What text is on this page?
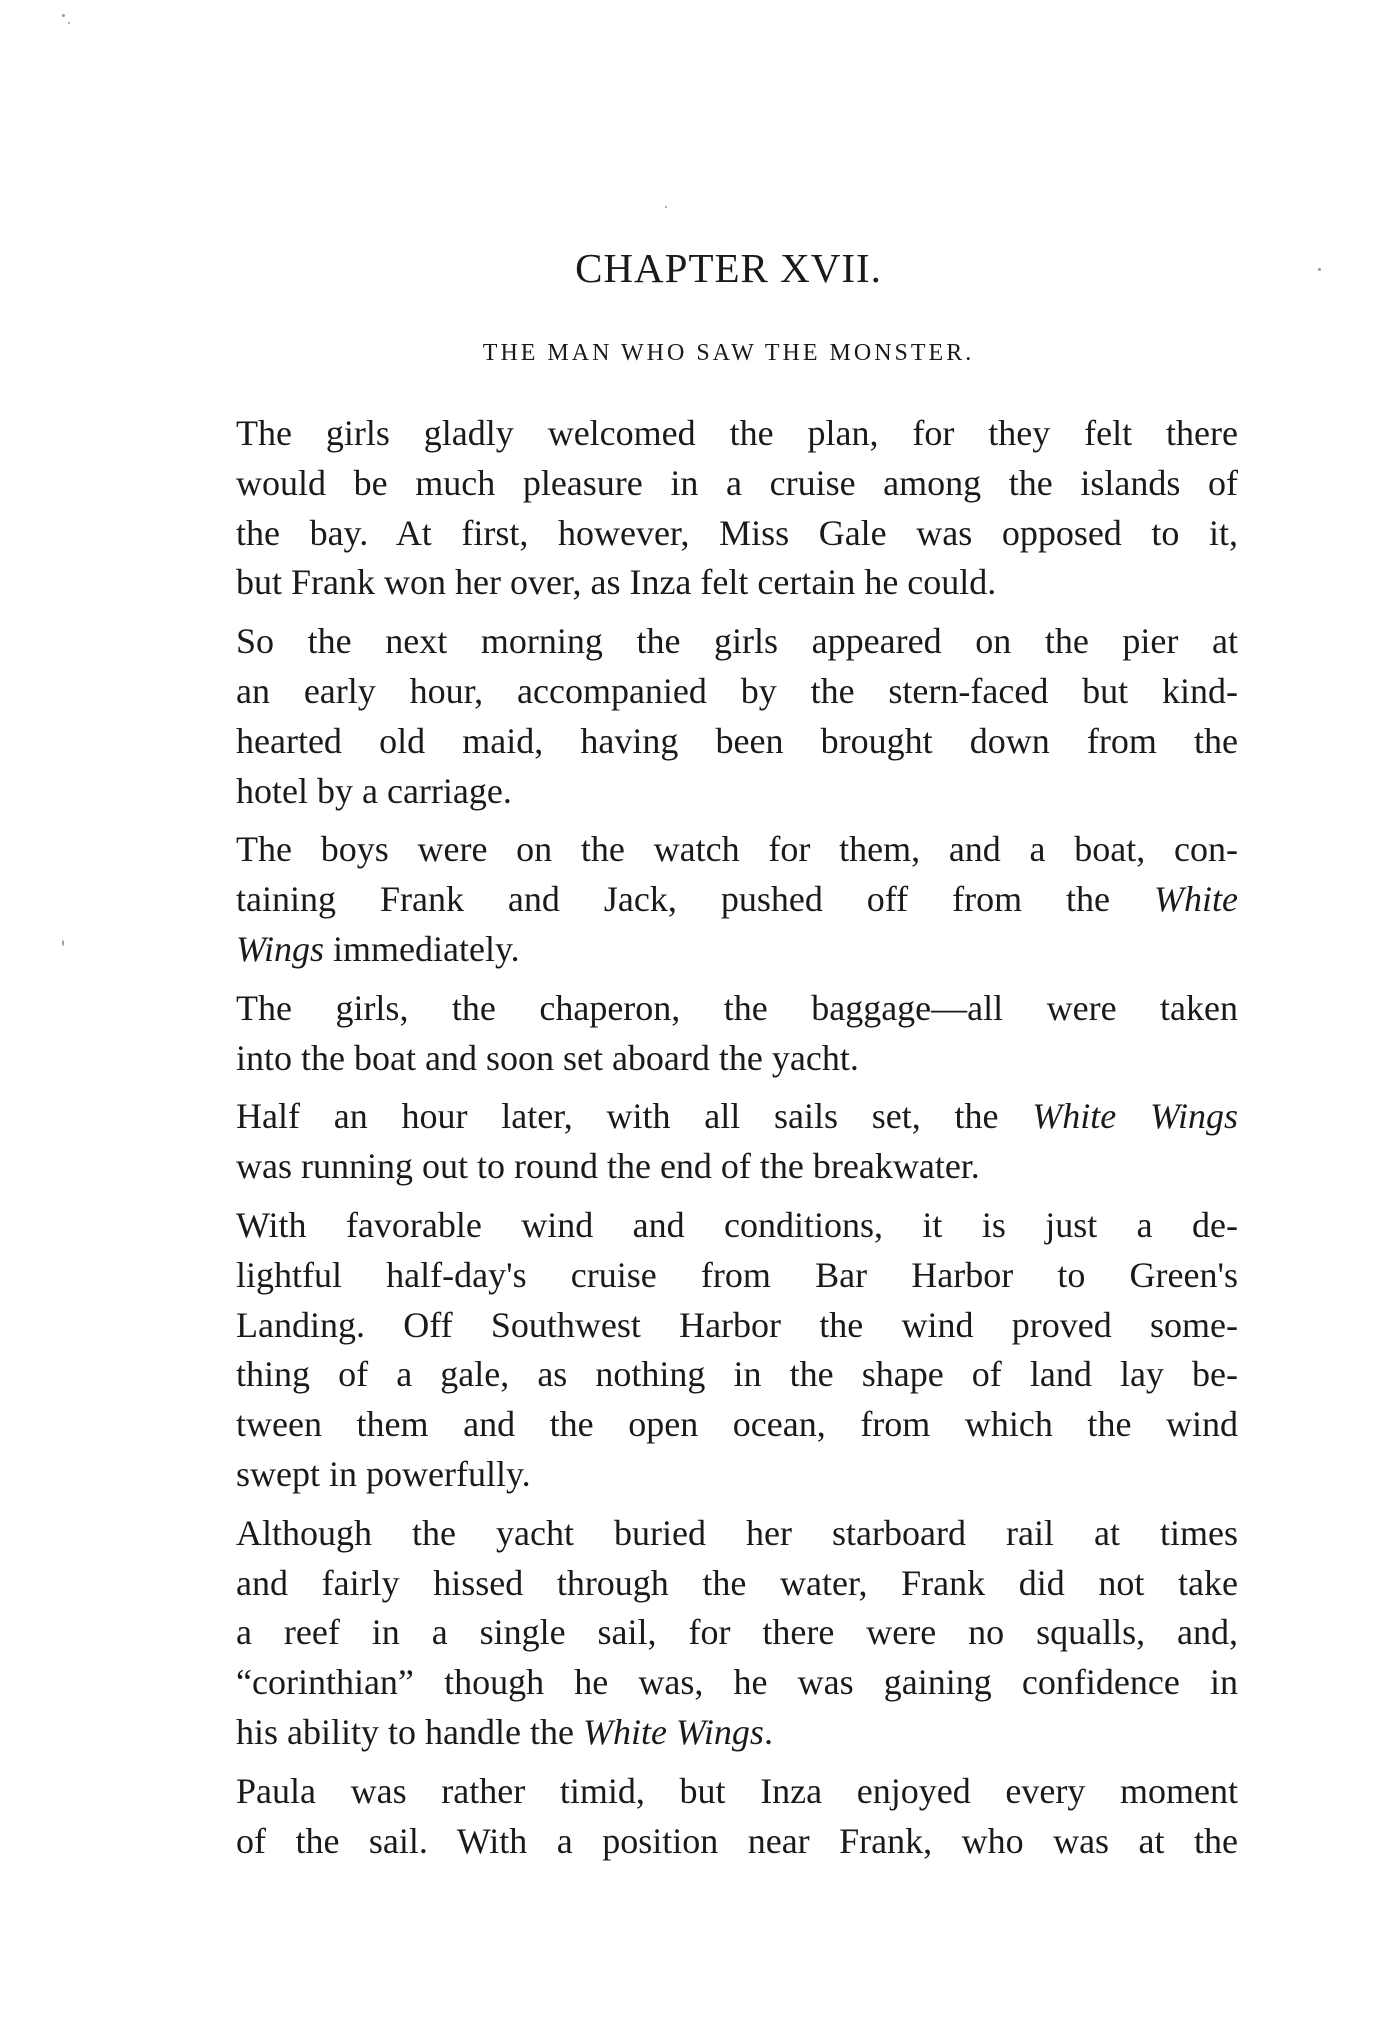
CHAPTER XVII.
THE MAN WHO SAW THE MONSTER.

The girls gladly welcomed the plan, for they felt there
would be much pleasure in a cruise among the islands of
the bay. At first, however, Miss Gale was opposed to it,
but Frank won her over, as Inza felt certain he could.

So the next morning the girls appeared on the pier at
an early hour, accompanied by the stern-faced but kind-
hearted old maid, having been brought down from the
hotel by a carriage.

The boys were on the watch for them, and a boat, con-
taining Frank and Jack, pushed off from the White
Wings immediately.

The girls, the chaperon, the baggage—all were taken
into the boat and soon set aboard the yacht.

Half an hour later, with all sails set, the White Wings
was running out to round the end of the breakwater.

With favorable wind and conditions, it is just a de-
lightful half-day's cruise from Bar Harbor to Green's
Landing. Off Southwest Harbor the wind proved some-
thing of a gale, as nothing in the shape of land lay be-
tween them and the open ocean, from which the wind
swept in powerfully.

Although the yacht buried her starboard rail at times
and fairly hissed through the water, Frank did not take
a reef in a single sail, for there were no squalls, and,
“corinthian” though he was, he was gaining confidence in
his ability to handle the White Wings.

Paula was rather timid, but Inza enjoyed every moment
of the sail. With a position near Frank, who was at the
